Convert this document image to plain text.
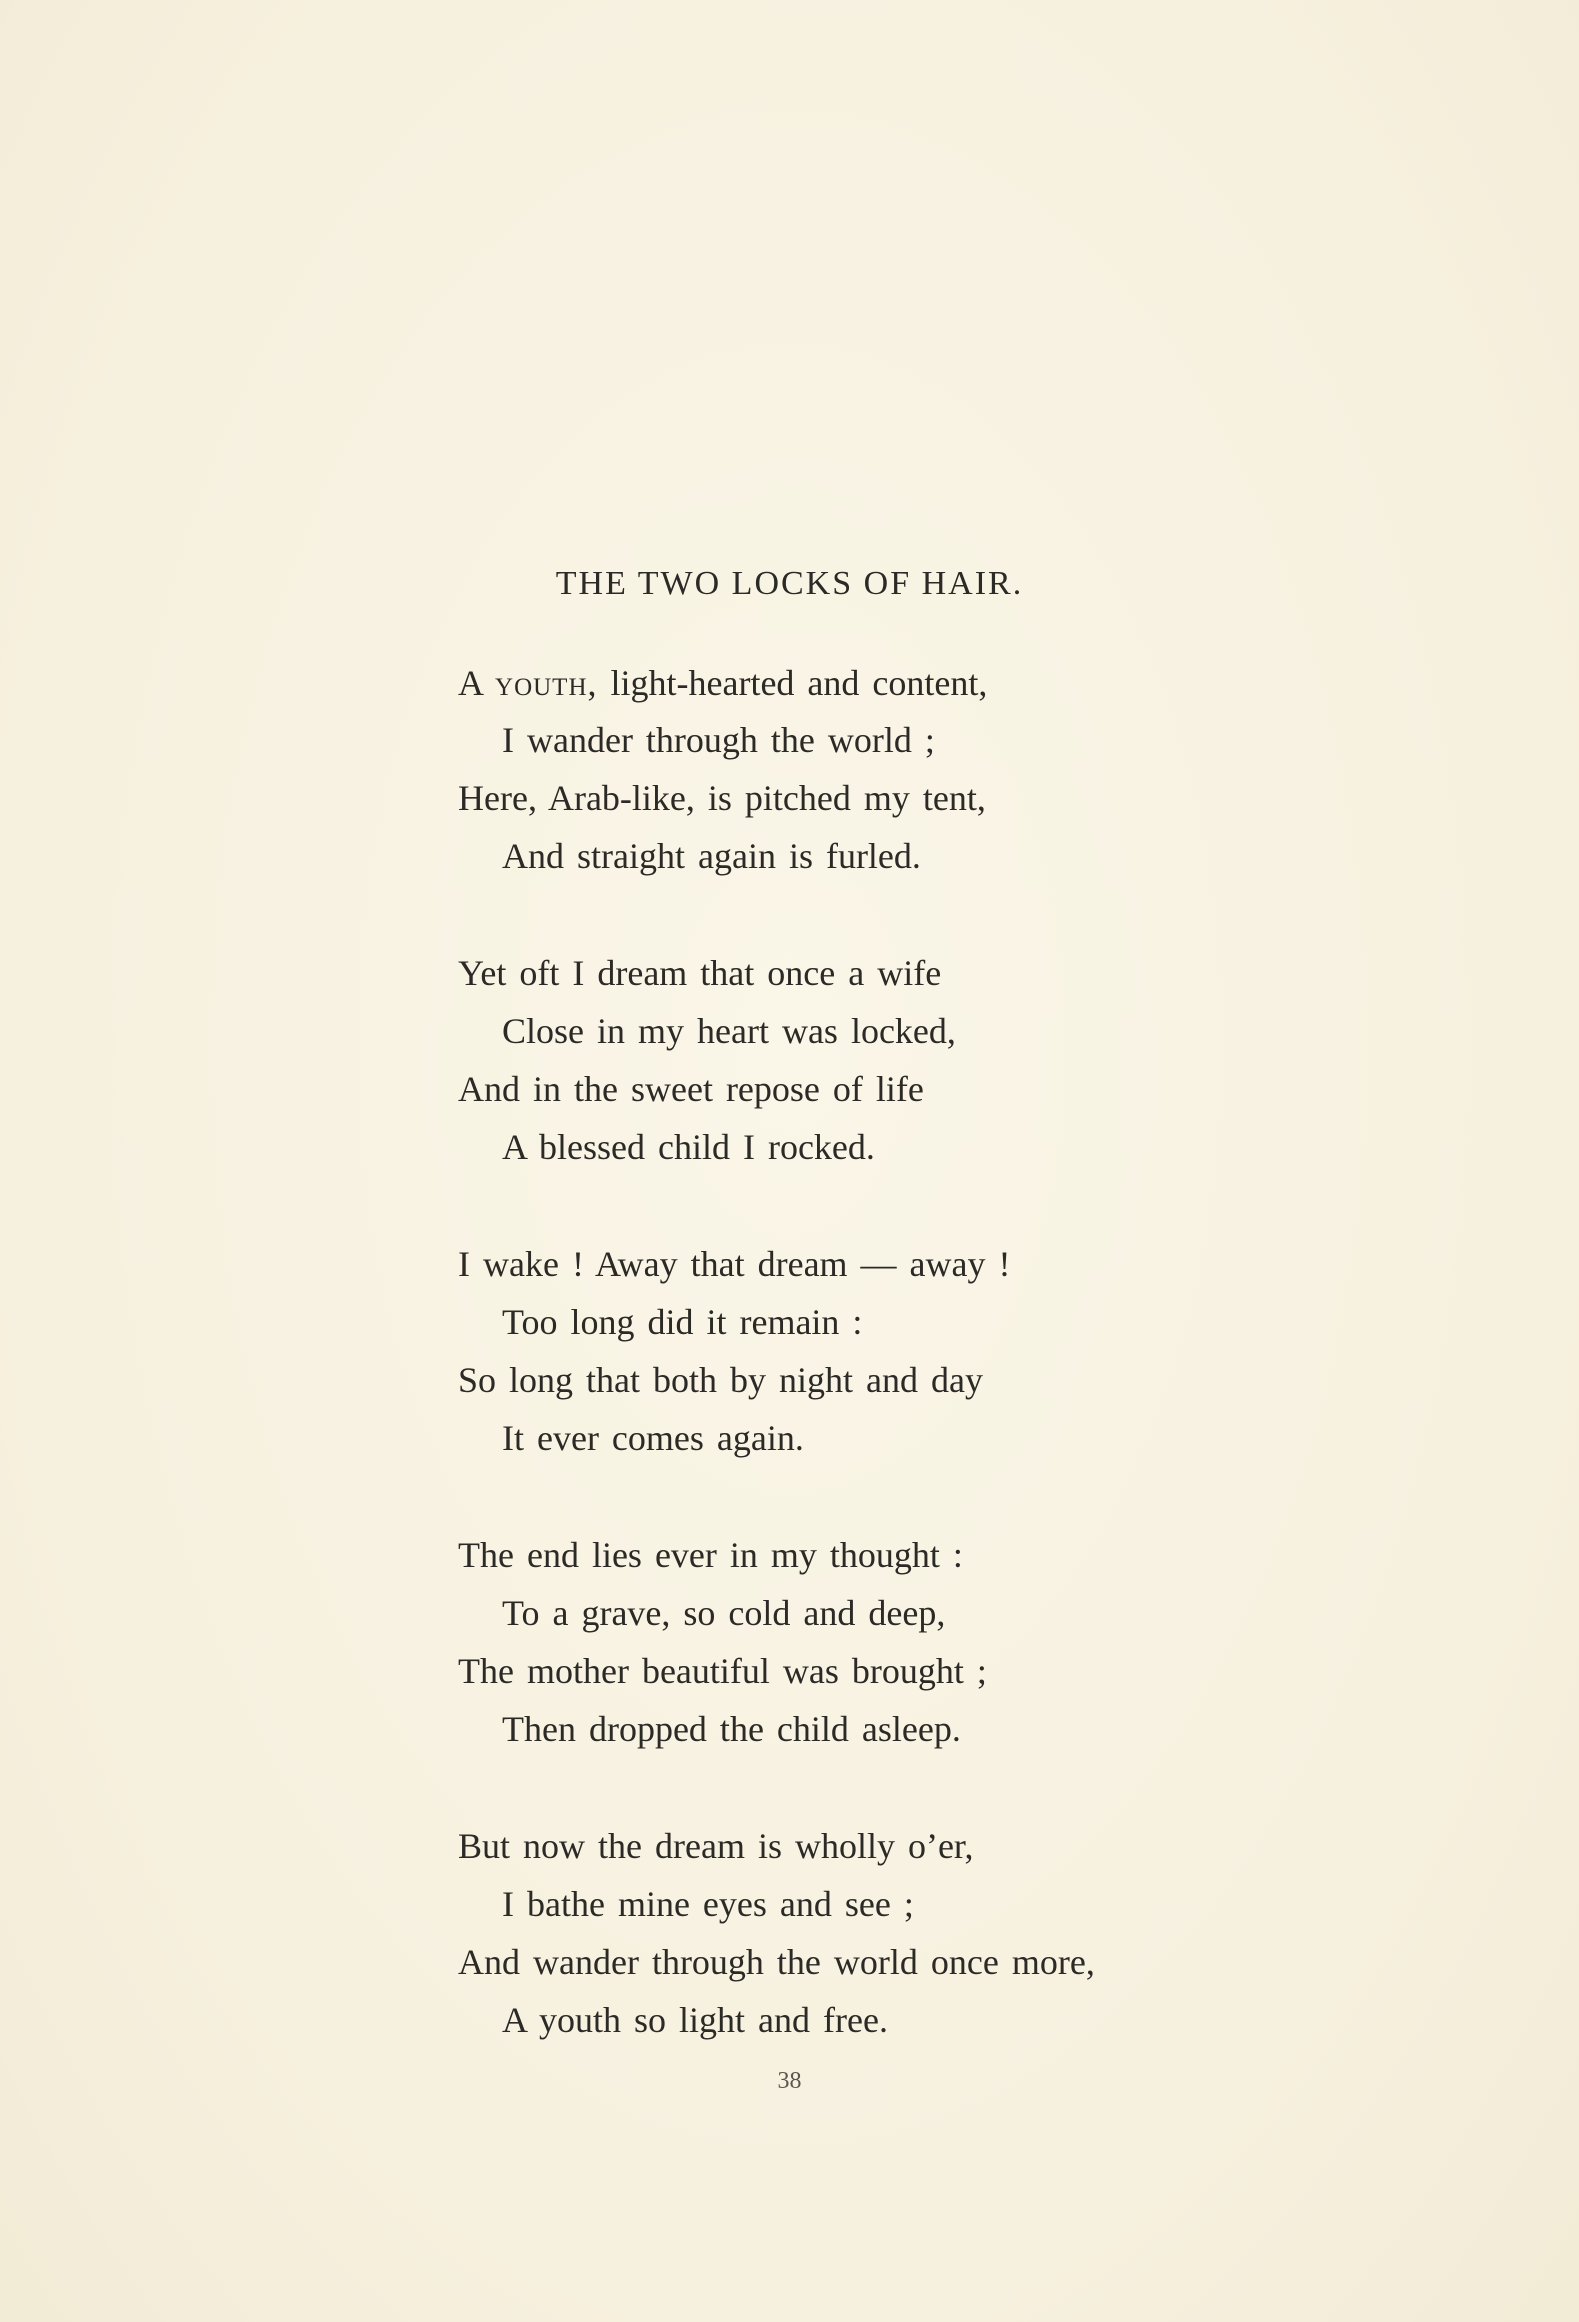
THE TWO LOCKS OF HAIR.
A youth, light-hearted and content,
I wander through the world ;
Here, Arab-like, is pitched my tent,
And straight again is furled.
Yet oft I dream that once a wife
Close in my heart was locked,
And in the sweet repose of life
A blessed child I rocked.
I wake ! Away that dream — away !
Too long did it remain :
So long that both by night and day
It ever comes again.
The end lies ever in my thought :
To a grave, so cold and deep,
The mother beautiful was brought ;
Then dropped the child asleep.
But now the dream is wholly o’er,
I bathe mine eyes and see ;
And wander through the world once more,
A youth so light and free.
38
